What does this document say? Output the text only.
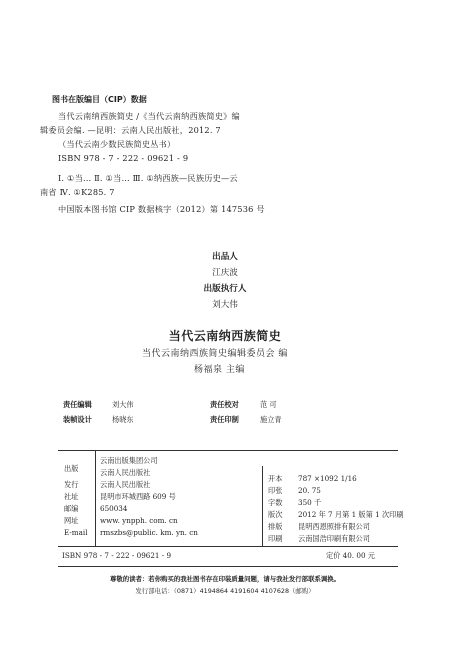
图书在版编目（CIP）数据
当代云南纳西族简史 /《当代云南纳西族简史》编
辑委员会编. —昆明：云南人民出版社，2012. 7
（当代云南少数民族简史丛书）
ISBN 978 - 7 - 222 - 09621 - 9
Ⅰ. ①当… Ⅱ. ①当… Ⅲ. ①纳西族—民族历史—云
南省 Ⅳ. ①K285. 7
中国版本图书馆 CIP 数据核字（2012）第 147536 号
出品人
江庆波
出版执行人
刘大伟
当代云南纳西族简史
当代云南纳西族简史编辑委员会 编
杨福泉 主编
责任编辑	刘大伟	责任校对	范 可
装帧设计	杨晓东	责任印制	施立青
出版
云南出版集团公司
云南人民出版社
发行	云南人民出版社
社址	昆明市环城西路 609 号
邮编	650034
网址	www. ynpph. com. cn
E-mail rmszbs@public. km. yn. cn
开本 787 ×1092 1/16
印张 20. 75
字数 350 千
版次 2012 年 7 月第 1 版第 1 次印刷
排版 昆明西恩照排有限公司
印刷 云南国浩印刷有限公司
ISBN 978 - 7 - 222 - 09621 - 9	定价 40. 00 元
尊敬的读者：若你购买的我社图书存在印装质量问题，请与我社发行部联系调换。
发行部电话：（0871）4194864 4191604 4107628（邮购）
